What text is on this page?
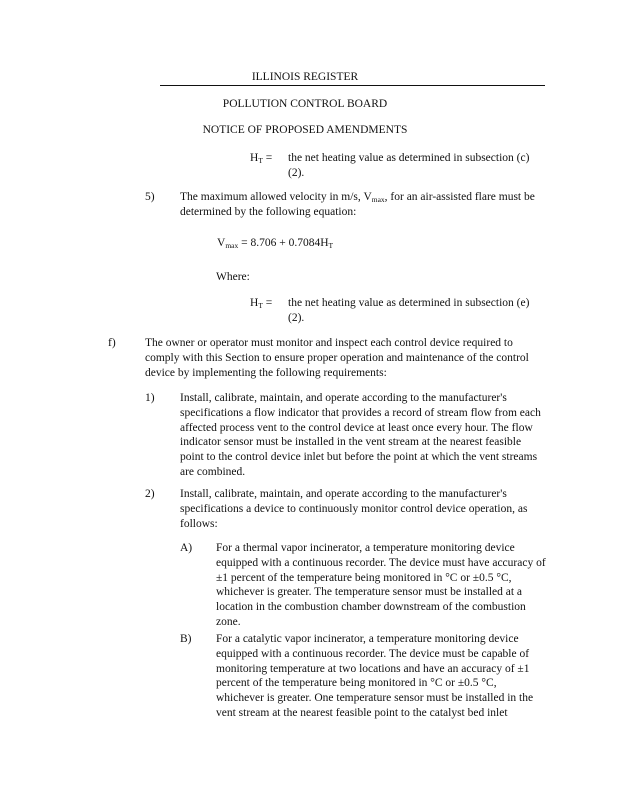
ILLINOIS REGISTER
POLLUTION CONTROL BOARD
NOTICE OF PROPOSED AMENDMENTS
$H_T$ = the net heating value as determined in subsection (c)(2).
5) The maximum allowed velocity in m/s, $V_{max}$, for an air-assisted flare must be determined by the following equation:
$V_{max} = 8.706 + 0.7084H_T$
Where:
$H_T$ = the net heating value as determined in subsection (e)(2).
f)	The owner or operator must monitor and inspect each control device required to comply with this Section to ensure proper operation and maintenance of the control device by implementing the following requirements:
1) Install, calibrate, maintain, and operate according to the manufacturer's specifications a flow indicator that provides a record of stream flow from each affected process vent to the control device at least once every hour. The flow indicator sensor must be installed in the vent stream at the nearest feasible point to the control device inlet but before the point at which the vent streams are combined.
2) Install, calibrate, maintain, and operate according to the manufacturer's specifications a device to continuously monitor control device operation, as follows:
A) For a thermal vapor incinerator, a temperature monitoring device equipped with a continuous recorder. The device must have accuracy of ±1 percent of the temperature being monitored in °C or ±0.5 °C, whichever is greater. The temperature sensor must be installed at a location in the combustion chamber downstream of the combustion zone.
B) For a catalytic vapor incinerator, a temperature monitoring device equipped with a continuous recorder. The device must be capable of monitoring temperature at two locations and have an accuracy of ±1 percent of the temperature being monitored in °C or ±0.5 °C, whichever is greater. One temperature sensor must be installed in the vent stream at the nearest feasible point to the catalyst bed inlet
